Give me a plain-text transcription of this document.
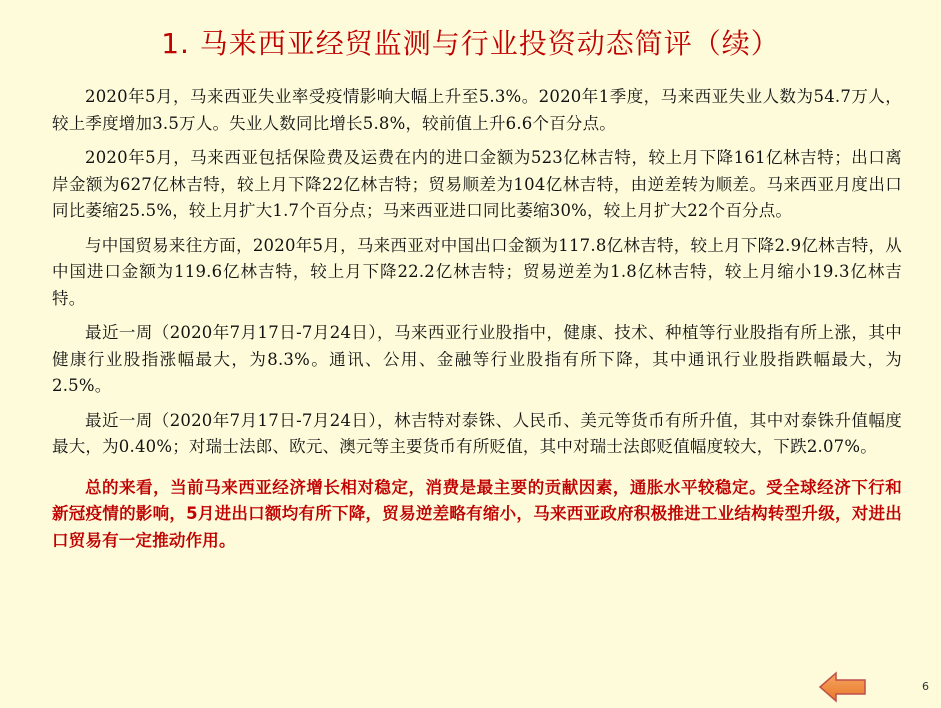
1. 马来西亚经贸监测与行业投资动态简评（续）

2020年5月，马来西亚失业率受疫情影响大幅上升至5.3%。2020年1季度，马来西亚失业人数为54.7万人，较上季度增加3.5万人。失业人数同比增长5.8%，较前值上升6.6个百分点。

2020年5月，马来西亚包括保险费及运费在内的进口金额为523亿林吉特，较上月下降161亿林吉特；出口离岸金额为627亿林吉特，较上月下降22亿林吉特；贸易顺差为104亿林吉特，由逆差转为顺差。马来西亚月度出口同比萎缩25.5%，较上月扩大1.7个百分点；马来西亚进口同比萎缩30%，较上月扩大22个百分点。

与中国贸易来往方面，2020年5月，马来西亚对中国出口金额为117.8亿林吉特，较上月下降2.9亿林吉特，从中国进口金额为119.6亿林吉特，较上月下降22.2亿林吉特；贸易逆差为1.8亿林吉特，较上月缩小19.3亿林吉特。

最近一周（2020年7月17日-7月24日），马来西亚行业股指中，健康、技术、种植等行业股指有所上涨，其中健康行业股指涨幅最大，为8.3%。通讯、公用、金融等行业股指有所下降，其中通讯行业股指跌幅最大，为2.5%。

最近一周（2020年7月17日-7月24日），林吉特对泰铢、人民币、美元等货币有所升值，其中对泰铢升值幅度最大，为0.40%；对瑞士法郎、欧元、澳元等主要货币有所贬值，其中对瑞士法郎贬值幅度较大，下跌2.07%。

总的来看，当前马来西亚经济增长相对稳定，消费是最主要的贡献因素，通胀水平较稳定。受全球经济下行和新冠疫情的影响，5月进出口额均有所下降，贸易逆差略有缩小，马来西亚政府积极推进工业结构转型升级，对进出口贸易有一定推动作用。

6
